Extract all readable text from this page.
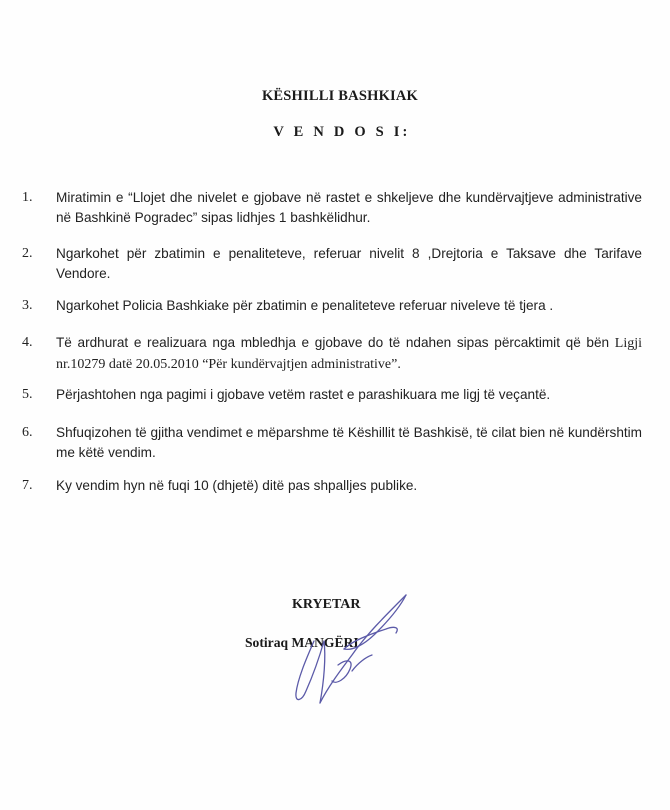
KËSHILLI BASHKIAK
V E N D O S I:
1.	Miratimin e “Llojet dhe nivelet e gjobave në rastet e shkeljeve dhe kundërvajtjeve administrative në Bashkinë Pogradec” sipas lidhjes 1 bashkëlidhur.
2.	Ngarkohet për zbatimin e penaliteteve, referuar nivelit 8 ,Drejtoria e Taksave dhe Tarifave Vendore.
3.	Ngarkohet Policia Bashkiake për zbatimin e penaliteteve referuar niveleve të tjera .
4.	Të ardhurat e realizuara nga mbledhja e gjobave do të ndahen sipas përcaktimit që bën Ligji nr.10279 datë 20.05.2010 “Për kundërvajtjen administrative”.
5.	Përjashtohen nga pagimi i gjobave vetëm rastet e parashikuara me ligj të veçantë.
6.	Shfuqizohen të gjitha vendimet e mëparshme të Këshillit të Bashkisë, të cilat bien në kundërshtim me këtë vendim.
7.	Ky vendim hyn në fuqi 10 (dhjetë) ditë pas shpalljes publike.
KRYETAR
Sotiraq MANGËRI
